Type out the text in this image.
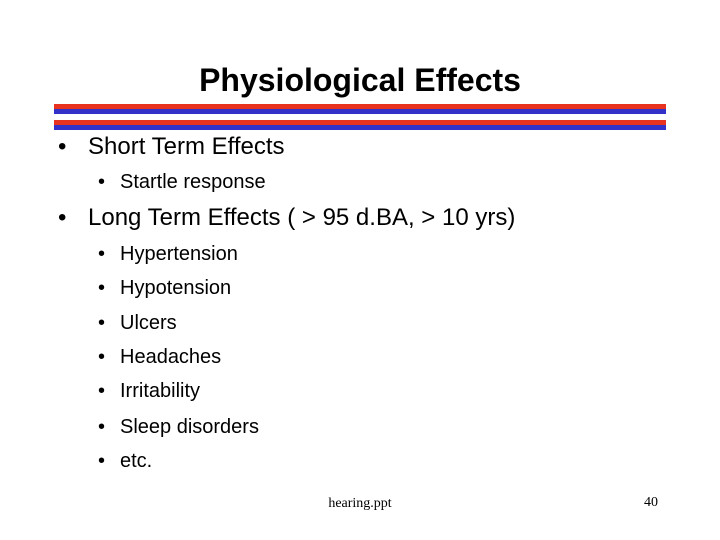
Physiological Effects
• Short Term Effects
• Startle response
• Long Term Effects ( > 95 d.BA, > 10 yrs)
• Hypertension
• Hypotension
• Ulcers
• Headaches
• Irritability
• Sleep disorders
• etc.
hearing.ppt	40
